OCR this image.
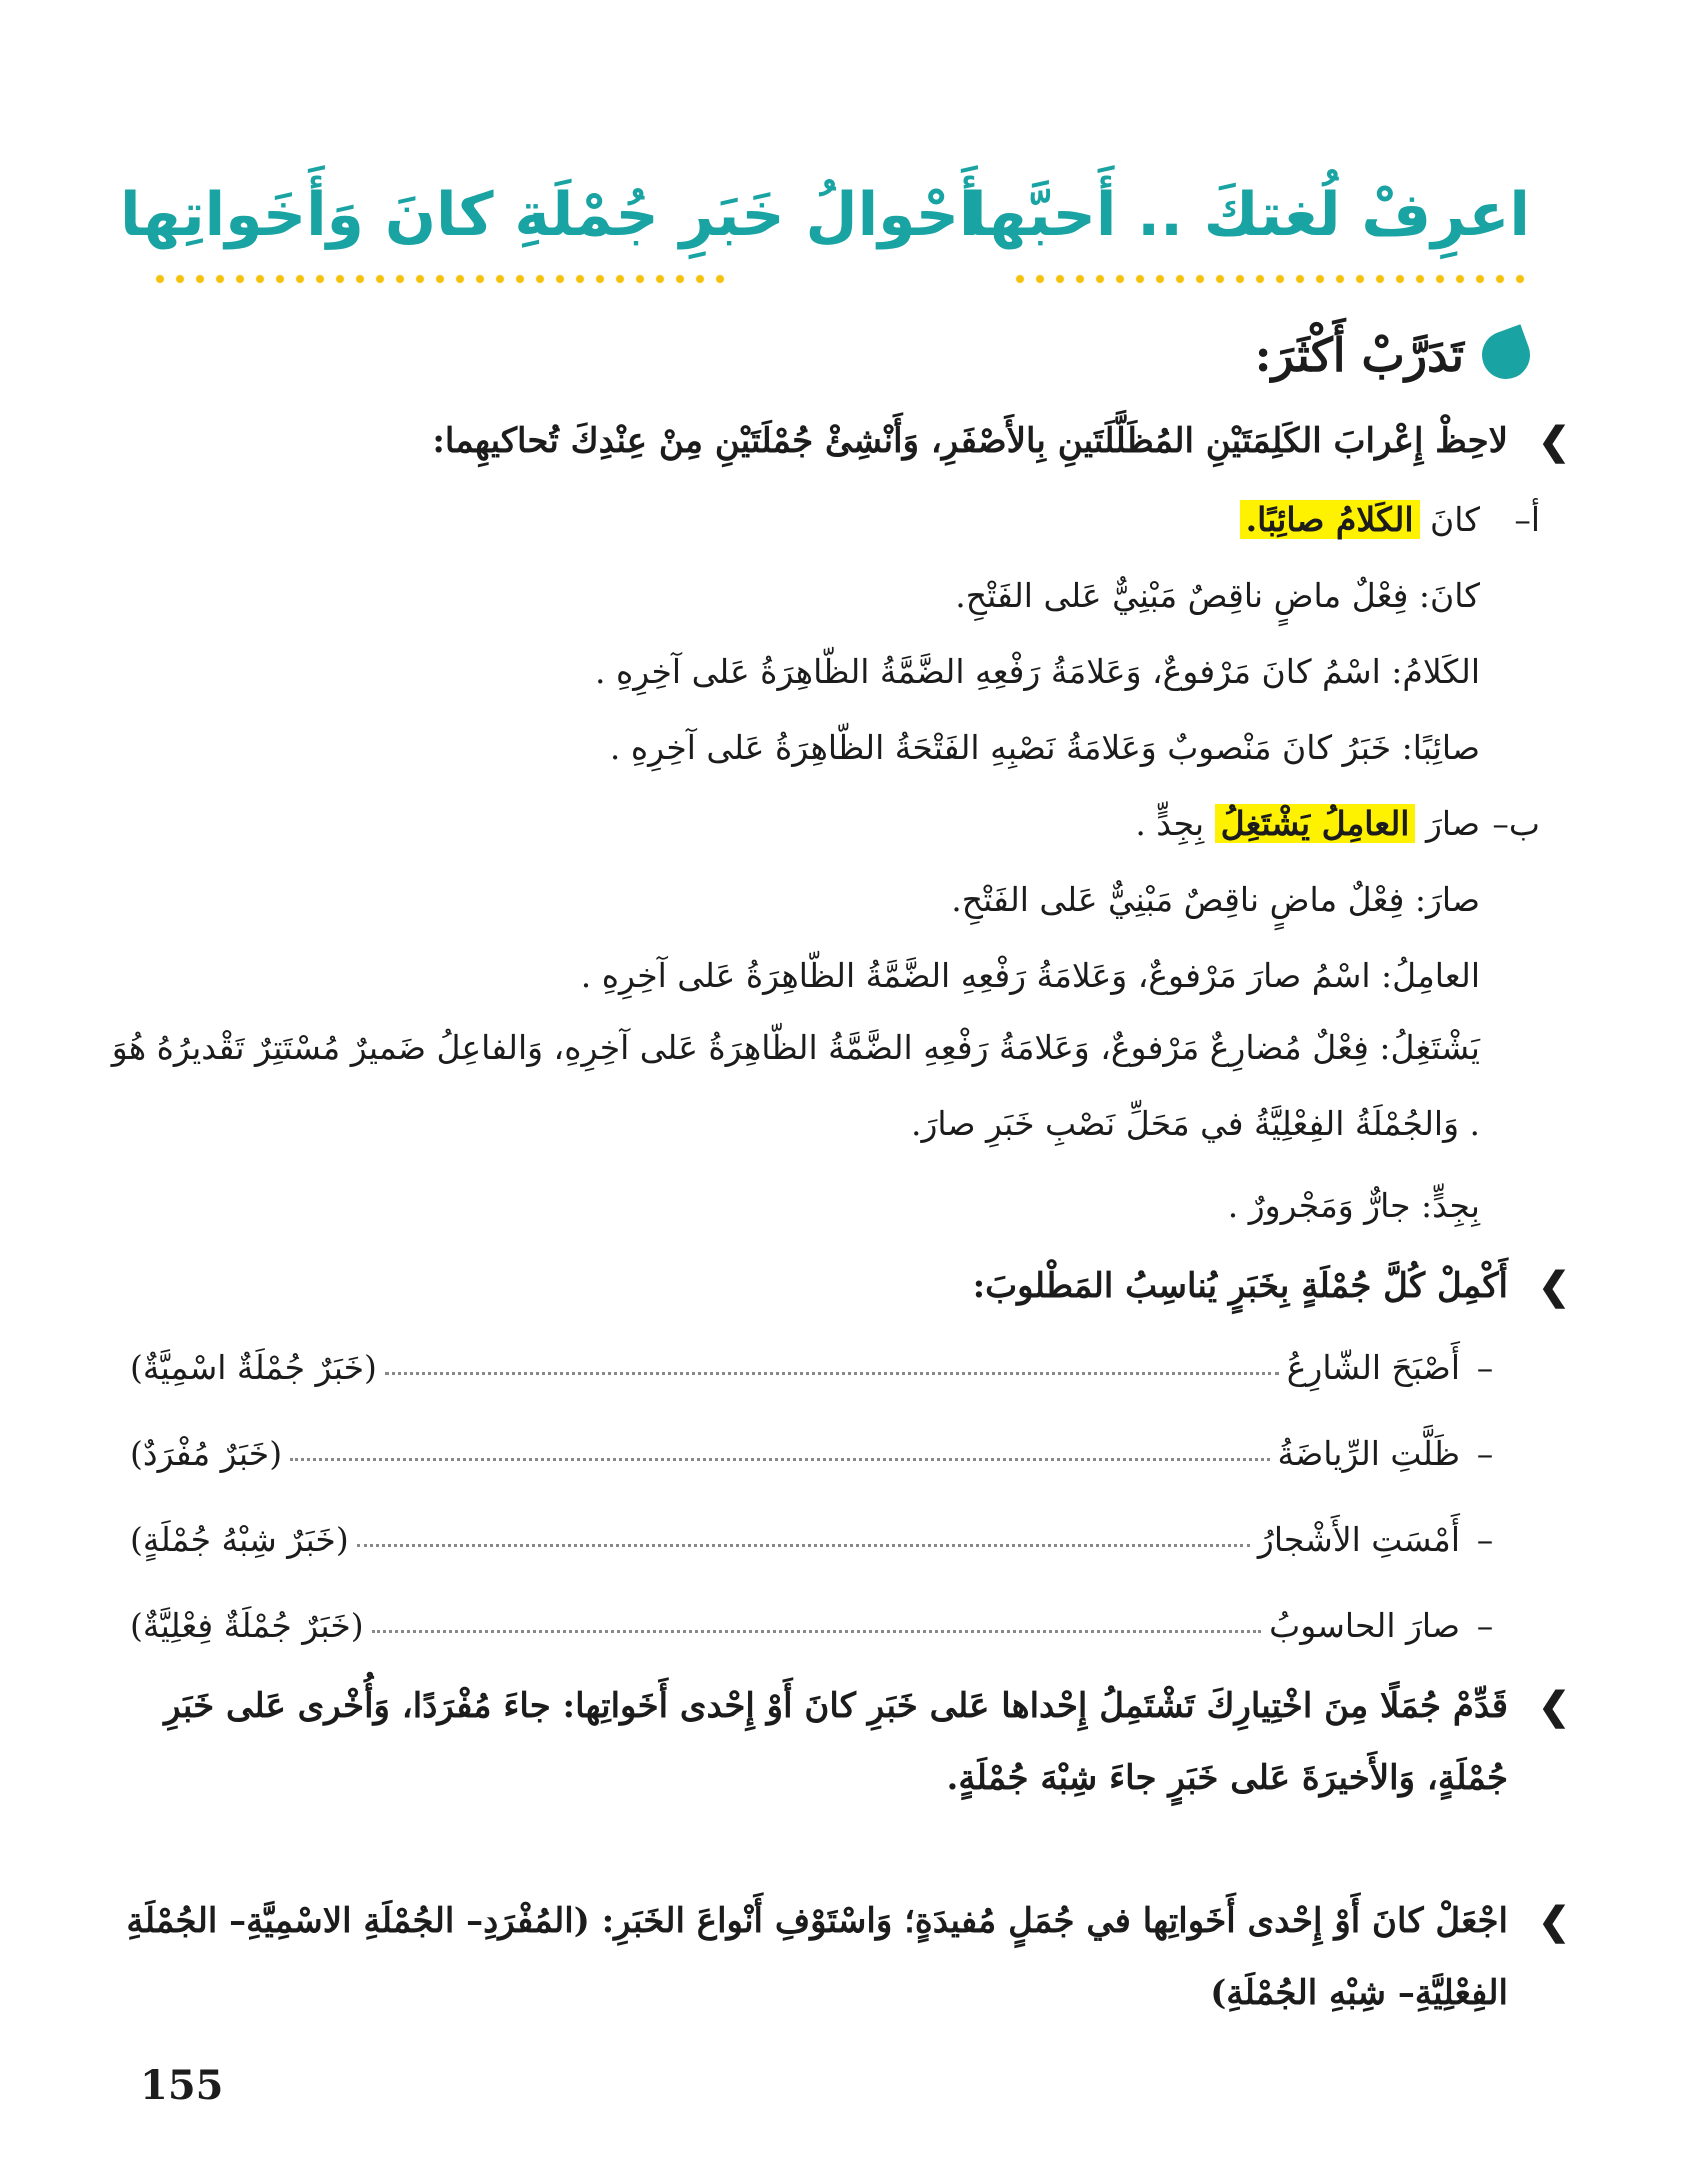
اعرِفْ لُغتكَ .. أَحبَّها
أَحْوالُ خَبَرِ جُمْلَةِ كانَ وَأَخَواتِها
تَدَرَّبْ أَكْثَرَ:
❯
لاحِظْ إِعْرابَ الكَلِمَتَيْنِ المُظَلَّلَتَينِ بِالأَصْفَرِ، وَأَنْشِئْ جُمْلَتَيْنِ مِنْ عِنْدِكَ تُحاكيهِما:
أ–
كانَ الكَلامُ صائِبًا.
كانَ: فِعْلٌ ماضٍ ناقِصٌ مَبْنِيٌّ عَلى الفَتْحِ.
الكَلامُ: اسْمُ كانَ مَرْفوعٌ، وَعَلامَةُ رَفْعِهِ الضَّمَّةُ الظّاهِرَةُ عَلى آخِرِهِ .
صائِبًا: خَبَرُ كانَ مَنْصوبٌ وَعَلامَةُ نَصْبِهِ الفَتْحَةُ الظّاهِرَةُ عَلى آخِرِهِ .
ب–
صارَ العامِلُ يَشْتَغِلُ بِجِدٍّ .
صارَ: فِعْلٌ ماضٍ ناقِصٌ مَبْنِيٌّ عَلى الفَتْحِ.
العامِلُ: اسْمُ صارَ مَرْفوعٌ، وَعَلامَةُ رَفْعِهِ الضَّمَّةُ الظّاهِرَةُ عَلى آخِرِهِ .
يَشْتَغِلُ: فِعْلٌ مُضارِعٌ مَرْفوعٌ، وَعَلامَةُ رَفْعِهِ الضَّمَّةُ الظّاهِرَةُ عَلى آخِرِهِ، وَالفاعِلُ ضَميرٌ مُسْتَتِرٌ تَقْديرُهُ هُوَ . وَالجُمْلَةُ الفِعْلِيَّةُ في مَحَلِّ نَصْبِ خَبَرِ صارَ.
بِجِدٍّ: جارٌّ وَمَجْرورٌ .
❯
أَكْمِلْ كُلَّ جُمْلَةٍ بِخَبَرٍ يُناسِبُ المَطْلوبَ:
–
أَصْبَحَ الشّارِعُ
(خَبَرٌ جُمْلَةٌ اسْمِيَّةٌ)
–
ظَلَّتِ الرِّياضَةُ
(خَبَرٌ مُفْرَدٌ)
–
أَمْسَتِ الأَشْجارُ
(خَبَرٌ شِبْهُ جُمْلَةٍ)
–
صارَ الحاسوبُ
(خَبَرٌ جُمْلَةٌ فِعْلِيَّةٌ)
❯
قَدِّمْ جُمَلًا مِنَ اخْتِيارِكَ تَشْتَمِلُ إِحْداها عَلى خَبَرِ كانَ أَوْ إِحْدى أَخَواتِها: جاءَ مُفْرَدًا، وَأُخْرى عَلى خَبَرِ جُمْلَةٍ، وَالأَخيرَةَ عَلى خَبَرٍ جاءَ شِبْهَ جُمْلَةٍ.
❯
اجْعَلْ كانَ أَوْ إِحْدى أَخَواتِها في جُمَلٍ مُفيدَةٍ؛ وَاسْتَوْفِ أَنْواعَ الخَبَرِ: (المُفْرَدِ– الجُمْلَةِ الاسْمِيَّةِ– الجُمْلَةِ الفِعْلِيَّةِ– شِبْهِ الجُمْلَةِ)
155
